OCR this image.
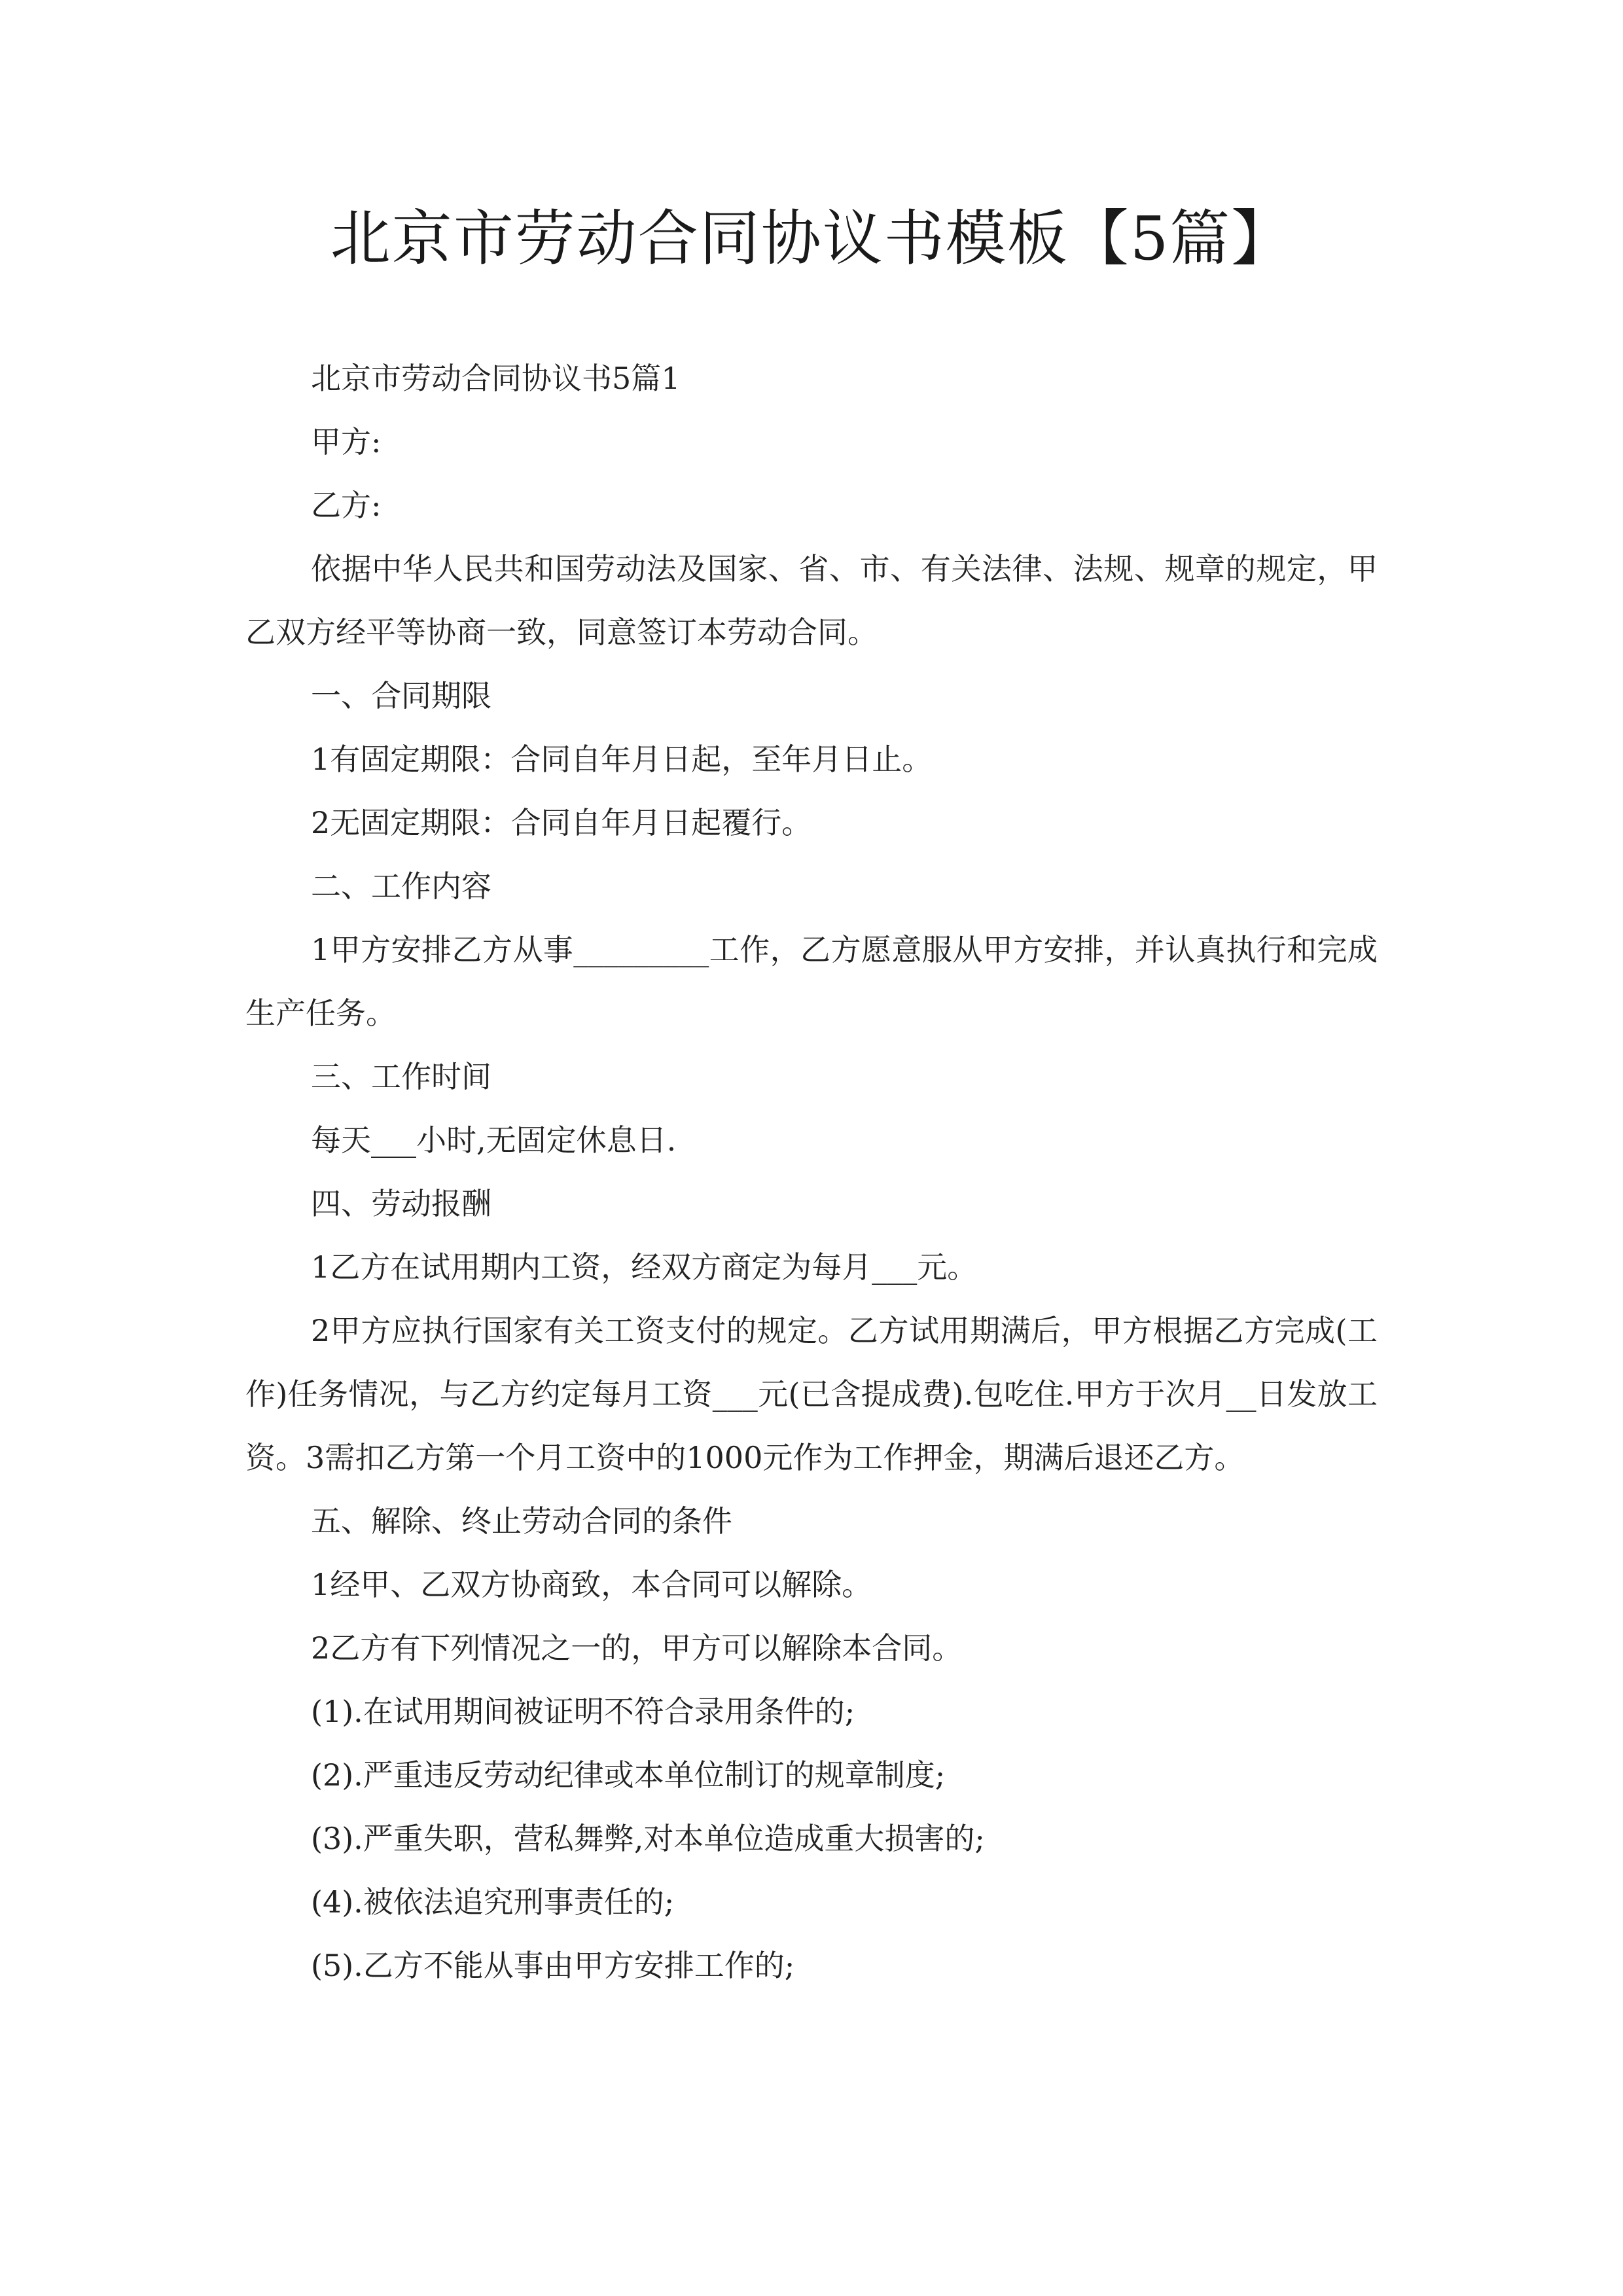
北京市劳动合同协议书模板【5篇】

北京市劳动合同协议书5篇1

甲方:

乙方:

依据中华人民共和国劳动法及国家、省、市、有关法律、法规、规章的规定，甲乙双方经平等协商一致，同意签订本劳动合同。

一、合同期限

1有固定期限：合同自年月日起，至年月日止。

2无固定期限：合同自年月日起覆行。

二、工作内容

1甲方安排乙方从事_________工作，乙方愿意服从甲方安排，并认真执行和完成生产任务。

三、工作时间

每天___小时,无固定休息日.

四、劳动报酬

1乙方在试用期内工资，经双方商定为每月___元。

2甲方应执行国家有关工资支付的规定。乙方试用期满后，甲方根据乙方完成(工作)任务情况，与乙方约定每月工资___元(已含提成费).包吃住.甲方于次月__日发放工资。3需扣乙方第一个月工资中的1000元作为工作押金，期满后退还乙方。

五、解除、终止劳动合同的条件

1经甲、乙双方协商致，本合同可以解除。

2乙方有下列情况之一的，甲方可以解除本合同。

(1).在试用期间被证明不符合录用条件的;

(2).严重违反劳动纪律或本单位制订的规章制度;

(3).严重失职，营私舞弊,对本单位造成重大损害的;

(4).被依法追究刑事责任的;

(5).乙方不能从事由甲方安排工作的;
